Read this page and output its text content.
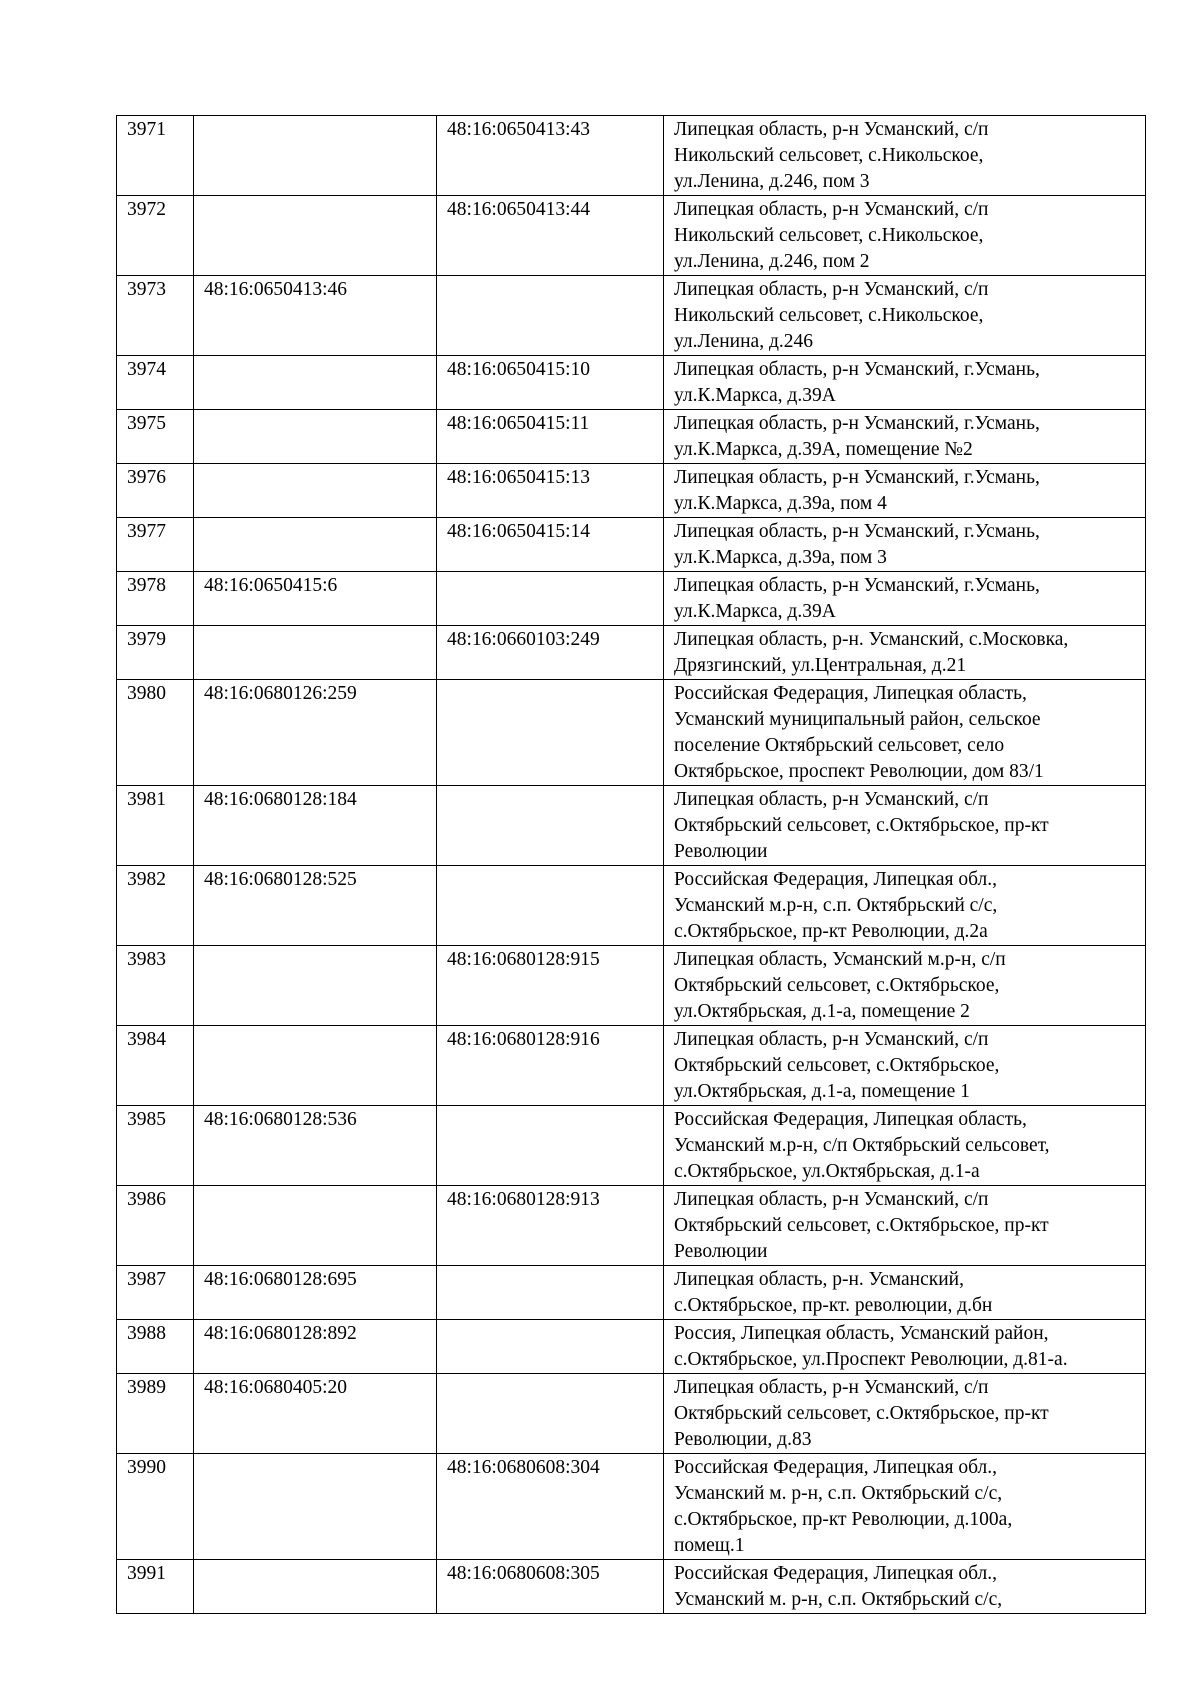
3971		48:16:0650413:43	Липецкая область, р-н Усманский, с/п
Никольский сельсовет, с.Никольское,
ул.Ленина, д.246, пом 3

3972		48:16:0650413:44	Липецкая область, р-н Усманский, с/п
Никольский сельсовет, с.Никольское,
ул.Ленина, д.246, пом 2

3973	48:16:0650413:46		Липецкая область, р-н Усманский, с/п
Никольский сельсовет, с.Никольское,
ул.Ленина, д.246

3974		48:16:0650415:10	Липецкая область, р-н Усманский, г.Усмань,
ул.К.Маркса, д.39А

3975		48:16:0650415:11	Липецкая область, р-н Усманский, г.Усмань,
ул.К.Маркса, д.39А, помещение №2

3976		48:16:0650415:13	Липецкая область, р-н Усманский, г.Усмань,
ул.К.Маркса, д.39а, пом 4

3977		48:16:0650415:14	Липецкая область, р-н Усманский, г.Усмань,
ул.К.Маркса, д.39а, пом 3

3978	48:16:0650415:6		Липецкая область, р-н Усманский, г.Усмань,
ул.К.Маркса, д.39А

3979		48:16:0660103:249	Липецкая область, р-н. Усманский, с.Московка,
Дрязгинский, ул.Центральная, д.21

3980	48:16:0680126:259		Российская Федерация, Липецкая область,
Усманский муниципальный район, сельское
поселение Октябрьский сельсовет, село
Октябрьское, проспект Революции, дом 83/1

3981	48:16:0680128:184		Липецкая область, р-н Усманский, с/п
Октябрьский сельсовет, с.Октябрьское, пр-кт
Революции

3982	48:16:0680128:525		Российская Федерация, Липецкая обл.,
Усманский м.р-н, с.п. Октябрьский с/с,
с.Октябрьское, пр-кт Революции, д.2а

3983		48:16:0680128:915	Липецкая область, Усманский м.р-н, с/п
Октябрьский сельсовет, с.Октябрьское,
ул.Октябрьская, д.1-а, помещение 2

3984		48:16:0680128:916	Липецкая область, р-н Усманский, с/п
Октябрьский сельсовет, с.Октябрьское,
ул.Октябрьская, д.1-а, помещение 1

3985	48:16:0680128:536		Российская Федерация, Липецкая область,
Усманский м.р-н, с/п Октябрьский сельсовет,
с.Октябрьское, ул.Октябрьская, д.1-а

3986		48:16:0680128:913	Липецкая область, р-н Усманский, с/п
Октябрьский сельсовет, с.Октябрьское, пр-кт
Революции

3987	48:16:0680128:695		Липецкая область, р-н. Усманский,
с.Октябрьское, пр-кт. революции, д.бн

3988	48:16:0680128:892		Россия, Липецкая область, Усманский район,
с.Октябрьское, ул.Проспект Революции, д.81-а.

3989	48:16:0680405:20		Липецкая область, р-н Усманский, с/п
Октябрьский сельсовет, с.Октябрьское, пр-кт
Революции, д.83

3990		48:16:0680608:304	Российская Федерация, Липецкая обл.,
Усманский м. р-н, с.п. Октябрьский с/с,
с.Октябрьское, пр-кт Революции, д.100а,
помещ.1

3991		48:16:0680608:305	Российская Федерация, Липецкая обл.,
Усманский м. р-н, с.п. Октябрьский с/с,
